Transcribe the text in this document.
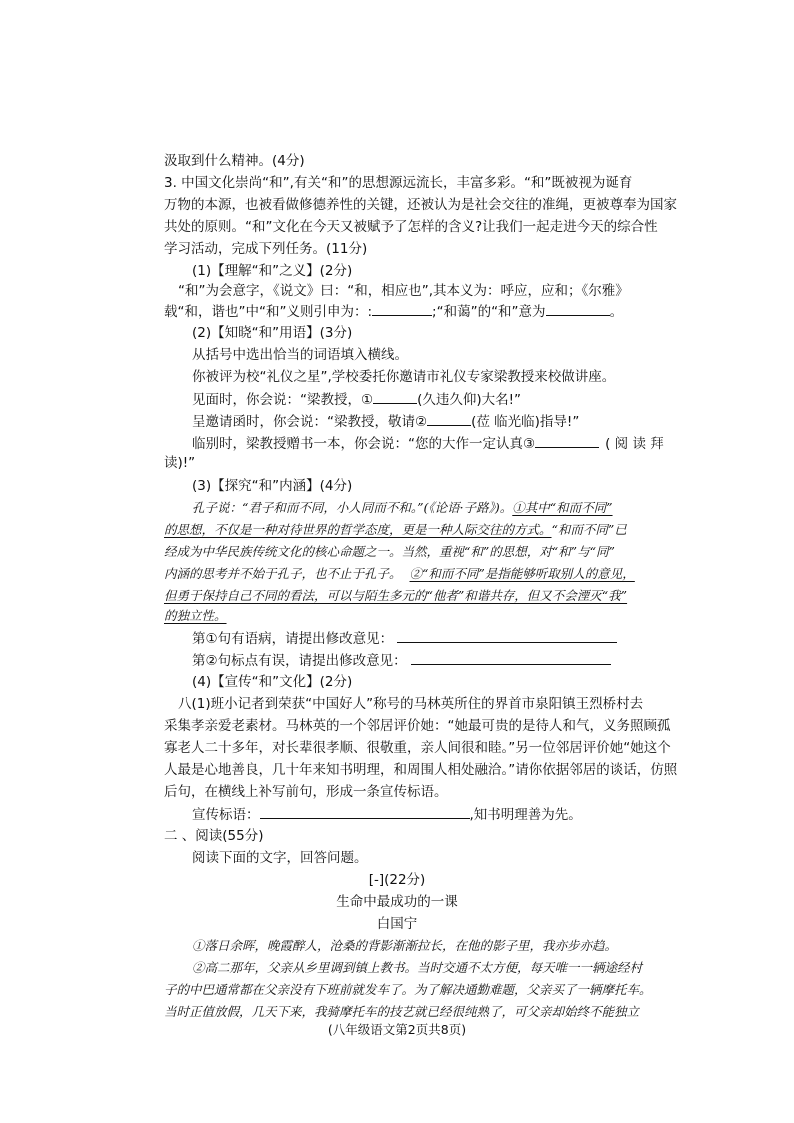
汲取到什么精神。(4分)
3. 中国文化崇尚“和”,有关“和”的思想源远流长，丰富多彩。“和”既被视为诞育
万物的本源，也被看做修德养性的关键，还被认为是社会交往的准绳，更被尊奉为国家
共处的原则。“和”文化在今天又被赋予了怎样的含义?让我们一起走进今天的综合性
学习活动，完成下列任务。(11分)
(1)【理解“和”之义】(2分)
“和”为会意字，《说文》曰：“和，相应也”,其本义为：呼应，应和；《尔雅》
载“和，谐也”中“和”义则引申为：:	;“和蔼”的“和”意为	。
(2)【知晓“和”用语】(3分)
从括号中选出恰当的词语填入横线。
你被评为校“礼仪之星”,学校委托你邀请市礼仪专家梁教授来校做讲座。
见面时，你会说：“梁教授，①	(久违久仰)大名!”
呈邀请函时，你会说：“梁教授，敬请②	(莅 临光临)指导!”
临别时，梁教授赠书一本，你会说：“您的大作一定认真③	( 阅 读 拜
读)!”
(3)【探究“和”内涵】(4分)
孔子说：“君子和而不同，小人同而不和。”(《论语·子路》)。①其中“和而不同”
的思想，不仅是一种对待世界的哲学态度，更是一种人际交往的方式。“和而不同”已
经成为中华民族传统文化的核心命题之一。当然，重视“和”的思想，对“和”与“同”
内涵的思考并不始于孔子，也不止于孔子。 ②“和而不同”是指能够听取别人的意见，
但勇于保持自己不同的看法，可以与陌生多元的“他者”和谐共存，但又不会湮灭“我”
的独立性。
第①句有语病，请提出修改意见：
第②句标点有误，请提出修改意见：
(4)【宣传“和”文化】(2分)
八(1)班小记者到荣获“中国好人”称号的马林英所住的界首市泉阳镇王烈桥村去
采集孝亲爱老素材。马林英的一个邻居评价她：“她最可贵的是待人和气，义务照顾孤
寡老人二十多年，对长辈很孝顺、很敬重，亲人间很和睦。”另一位邻居评价她“她这个
人最是心地善良，几十年来知书明理，和周围人相处融洽。”请你依据邻居的谈话，仿照
后句，在横线上补写前句，形成一条宣传标语。
宣传标语：	,知书明理善为先。
二 、阅读(55分)
阅读下面的文字，回答问题。
[-](22分)
生命中最成功的一课
白国宁
①落日余晖，晚霞醉人，沧桑的背影渐渐拉长，在他的影子里，我亦步亦趋。
②高二那年，父亲从乡里调到镇上教书。当时交通不太方便，每天唯一一辆途经村
子的中巴通常都在父亲没有下班前就发车了。为了解决通勤难题，父亲买了一辆摩托车。
当时正值放假，几天下来，我骑摩托车的技艺就已经很纯熟了，可父亲却始终不能独立
(八年级语文第2页共8页)
